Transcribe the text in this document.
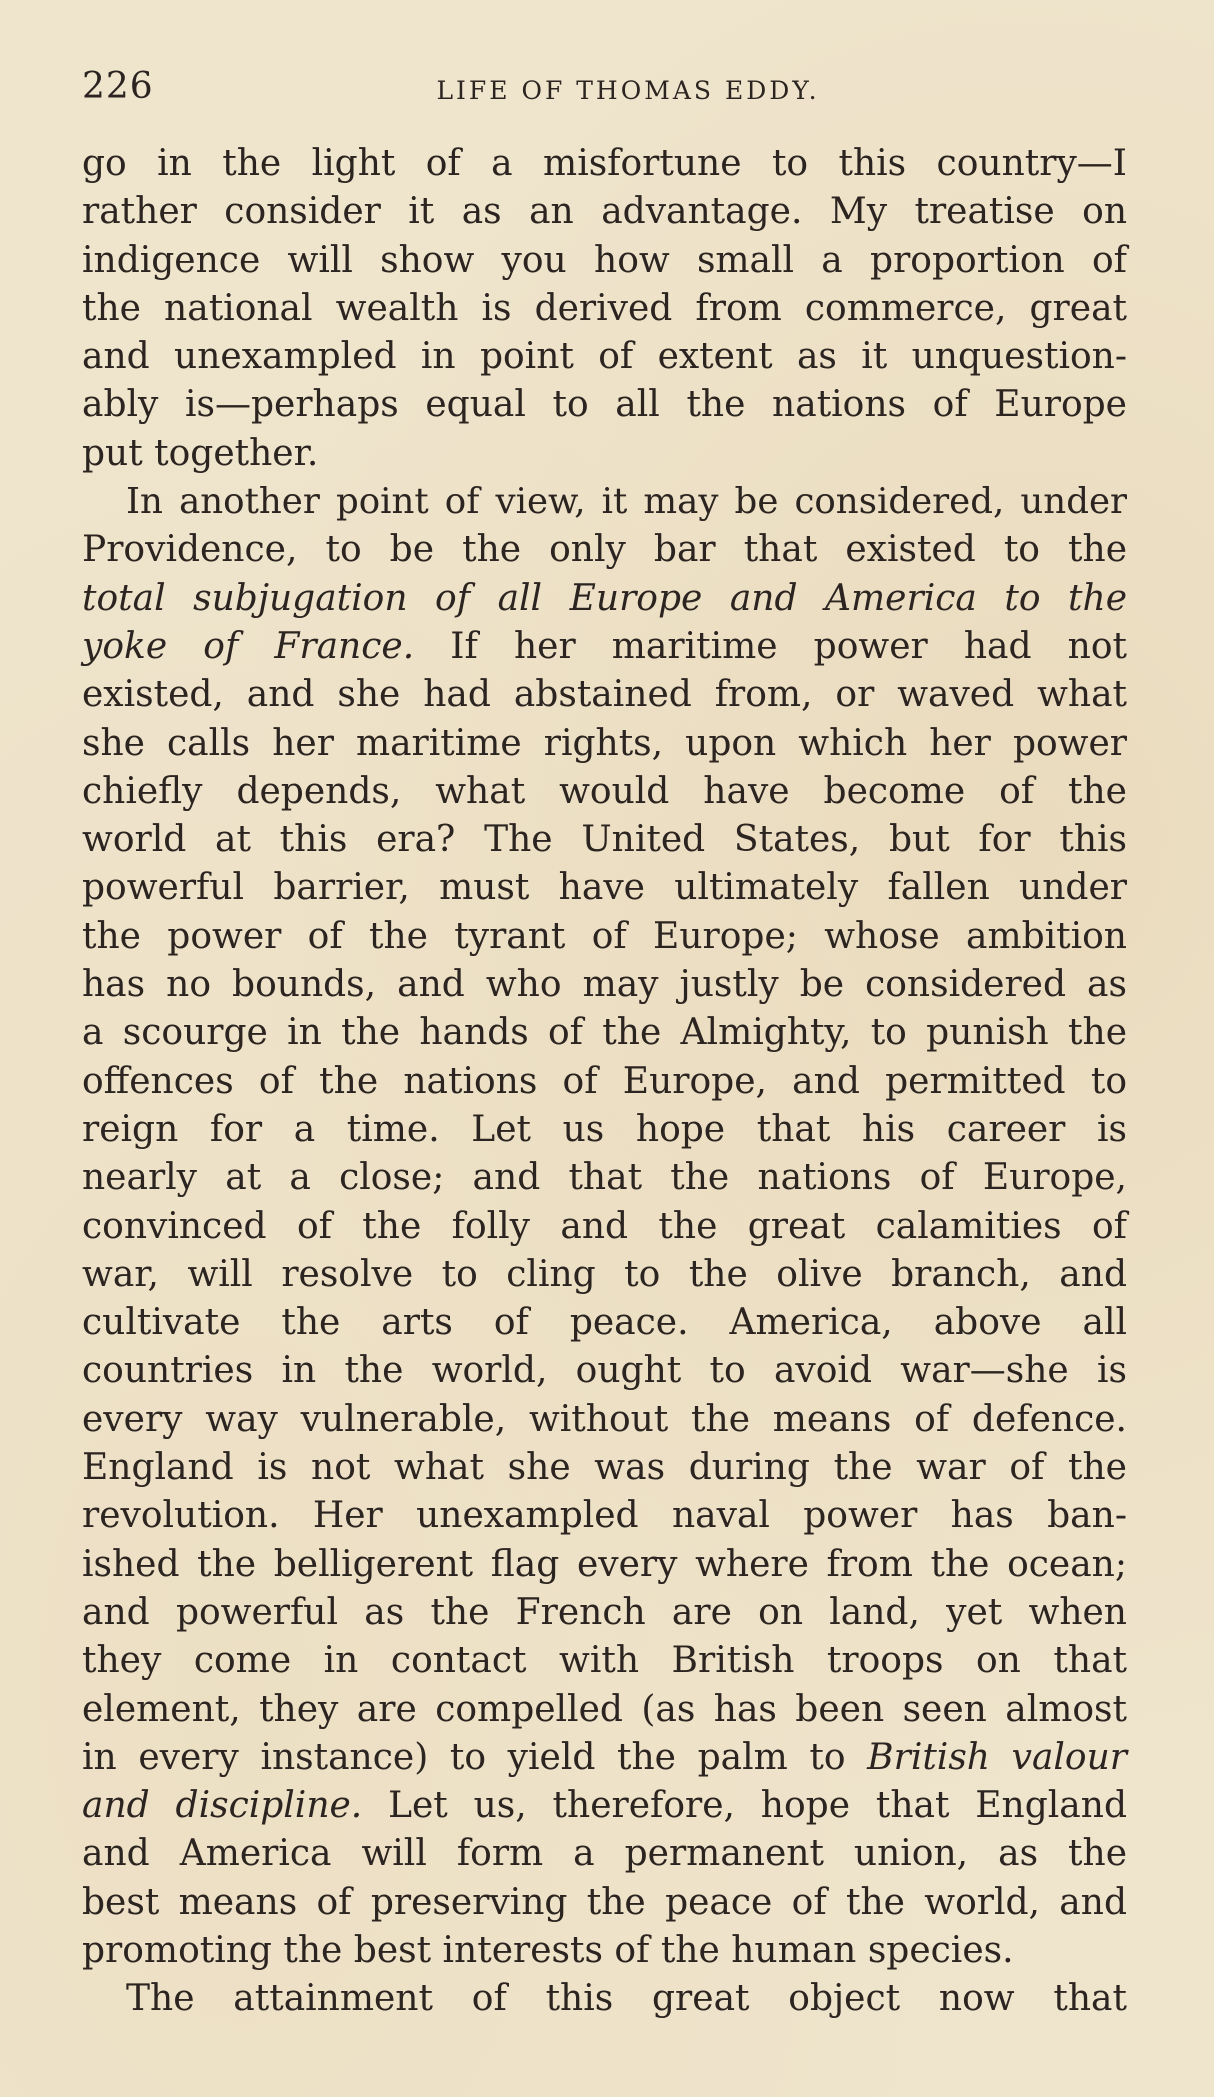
226	LIFE OF THOMAS EDDY.
go in the light of a misfortune to this country—I
rather consider it as an advantage. My treatise on
indigence will show you how small a proportion of
the national wealth is derived from commerce, great
and unexampled in point of extent as it unquestion-
ably is—perhaps equal to all the nations of Europe
put together.
In another point of view, it may be considered, under
Providence, to be the only bar that existed to the
total subjugation of all Europe and America to the
yoke of France. If her maritime power had not
existed, and she had abstained from, or waved what
she calls her maritime rights, upon which her power
chiefly depends, what would have become of the
world at this era? The United States, but for this
powerful barrier, must have ultimately fallen under
the power of the tyrant of Europe; whose ambition
has no bounds, and who may justly be considered as
a scourge in the hands of the Almighty, to punish the
offences of the nations of Europe, and permitted to
reign for a time. Let us hope that his career is
nearly at a close; and that the nations of Europe,
convinced of the folly and the great calamities of
war, will resolve to cling to the olive branch, and
cultivate the arts of peace. America, above all
countries in the world, ought to avoid war—she is
every way vulnerable, without the means of defence.
England is not what she was during the war of the
revolution. Her unexampled naval power has ban-
ished the belligerent flag every where from the ocean;
and powerful as the French are on land, yet when
they come in contact with British troops on that
element, they are compelled (as has been seen almost
in every instance) to yield the palm to British valour
and discipline. Let us, therefore, hope that England
and America will form a permanent union, as the
best means of preserving the peace of the world, and
promoting the best interests of the human species.
The attainment of this great object now that
